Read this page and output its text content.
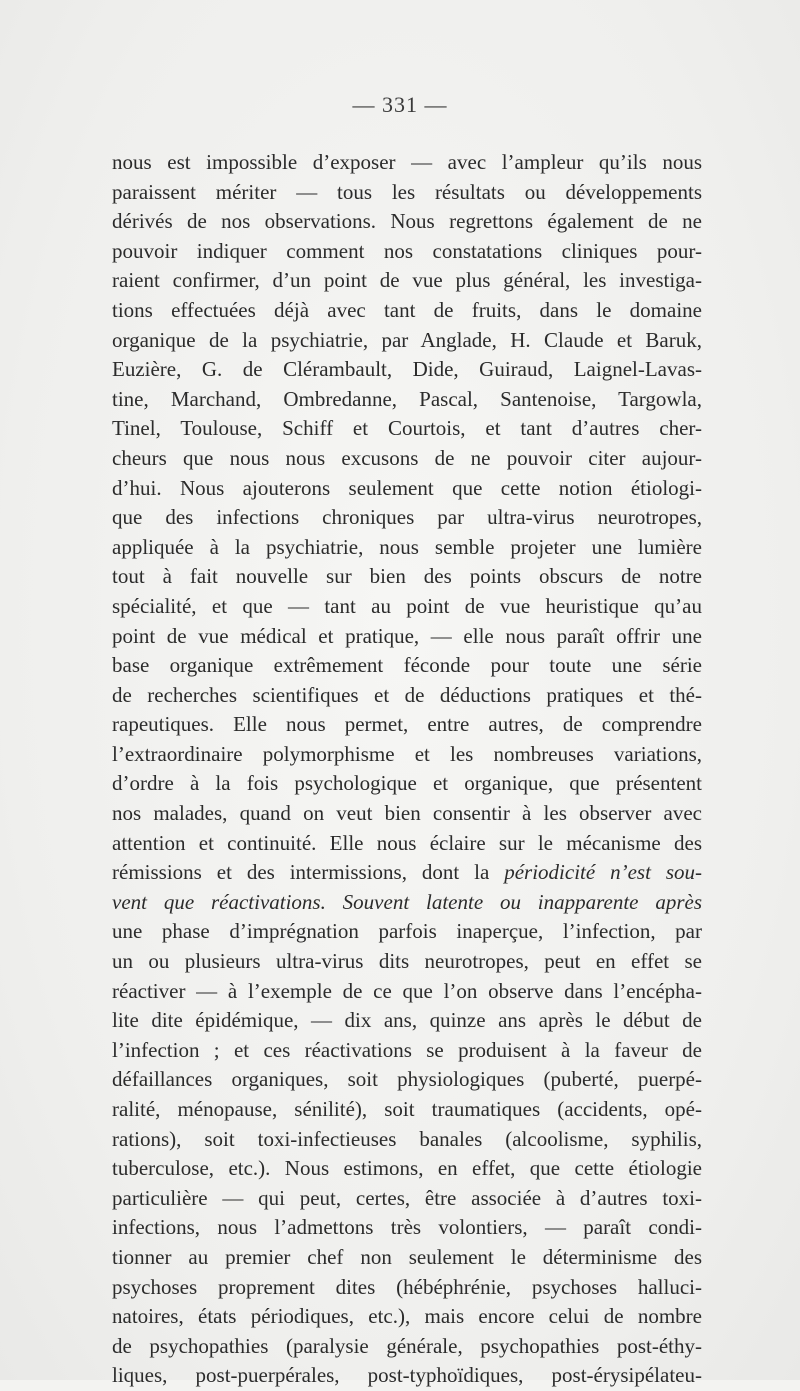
— 331 —
nous est impossible d’exposer — avec l’ampleur qu’ils nous
paraissent mériter — tous les résultats ou développements
dérivés de nos observations. Nous regrettons également de ne
pouvoir indiquer comment nos constatations cliniques pour-
raient confirmer, d’un point de vue plus général, les investiga-
tions effectuées déjà avec tant de fruits, dans le domaine
organique de la psychiatrie, par Anglade, H. Claude et Baruk,
Euzière, G. de Clérambault, Dide, Guiraud, Laignel-Lavas-
tine, Marchand, Ombredanne, Pascal, Santenoise, Targowla,
Tinel, Toulouse, Schiff et Courtois, et tant d’autres cher-
cheurs que nous nous excusons de ne pouvoir citer aujour-
d’hui. Nous ajouterons seulement que cette notion étiologi-
que des infections chroniques par ultra-virus neurotropes,
appliquée à la psychiatrie, nous semble projeter une lumière
tout à fait nouvelle sur bien des points obscurs de notre
spécialité, et que — tant au point de vue heuristique qu’au
point de vue médical et pratique, — elle nous paraît offrir une
base organique extrêmement féconde pour toute une série
de recherches scientifiques et de déductions pratiques et thé-
rapeutiques. Elle nous permet, entre autres, de comprendre
l’extraordinaire polymorphisme et les nombreuses variations,
d’ordre à la fois psychologique et organique, que présentent
nos malades, quand on veut bien consentir à les observer avec
attention et continuité. Elle nous éclaire sur le mécanisme des
rémissions et des intermissions, dont la périodicité n’est sou-
vent que réactivations. Souvent latente ou inapparente après
une phase d’imprégnation parfois inaperçue, l’infection, par
un ou plusieurs ultra-virus dits neurotropes, peut en effet se
réactiver — à l’exemple de ce que l’on observe dans l’encépha-
lite dite épidémique, — dix ans, quinze ans après le début de
l’infection ; et ces réactivations se produisent à la faveur de
défaillances organiques, soit physiologiques (puberté, puerpé-
ralité, ménopause, sénilité), soit traumatiques (accidents, opé-
rations), soit toxi-infectieuses banales (alcoolisme, syphilis,
tuberculose, etc.). Nous estimons, en effet, que cette étiologie
particulière — qui peut, certes, être associée à d’autres toxi-
infections, nous l’admettons très volontiers, — paraît condi-
tionner au premier chef non seulement le déterminisme des
psychoses proprement dites (hébéphrénie, psychoses halluci-
natoires, états périodiques, etc.), mais encore celui de nombre
de psychopathies (paralysie générale, psychopathies post-éthy-
liques, post-puerpérales, post-typhoïdiques, post-érysipélateu-
